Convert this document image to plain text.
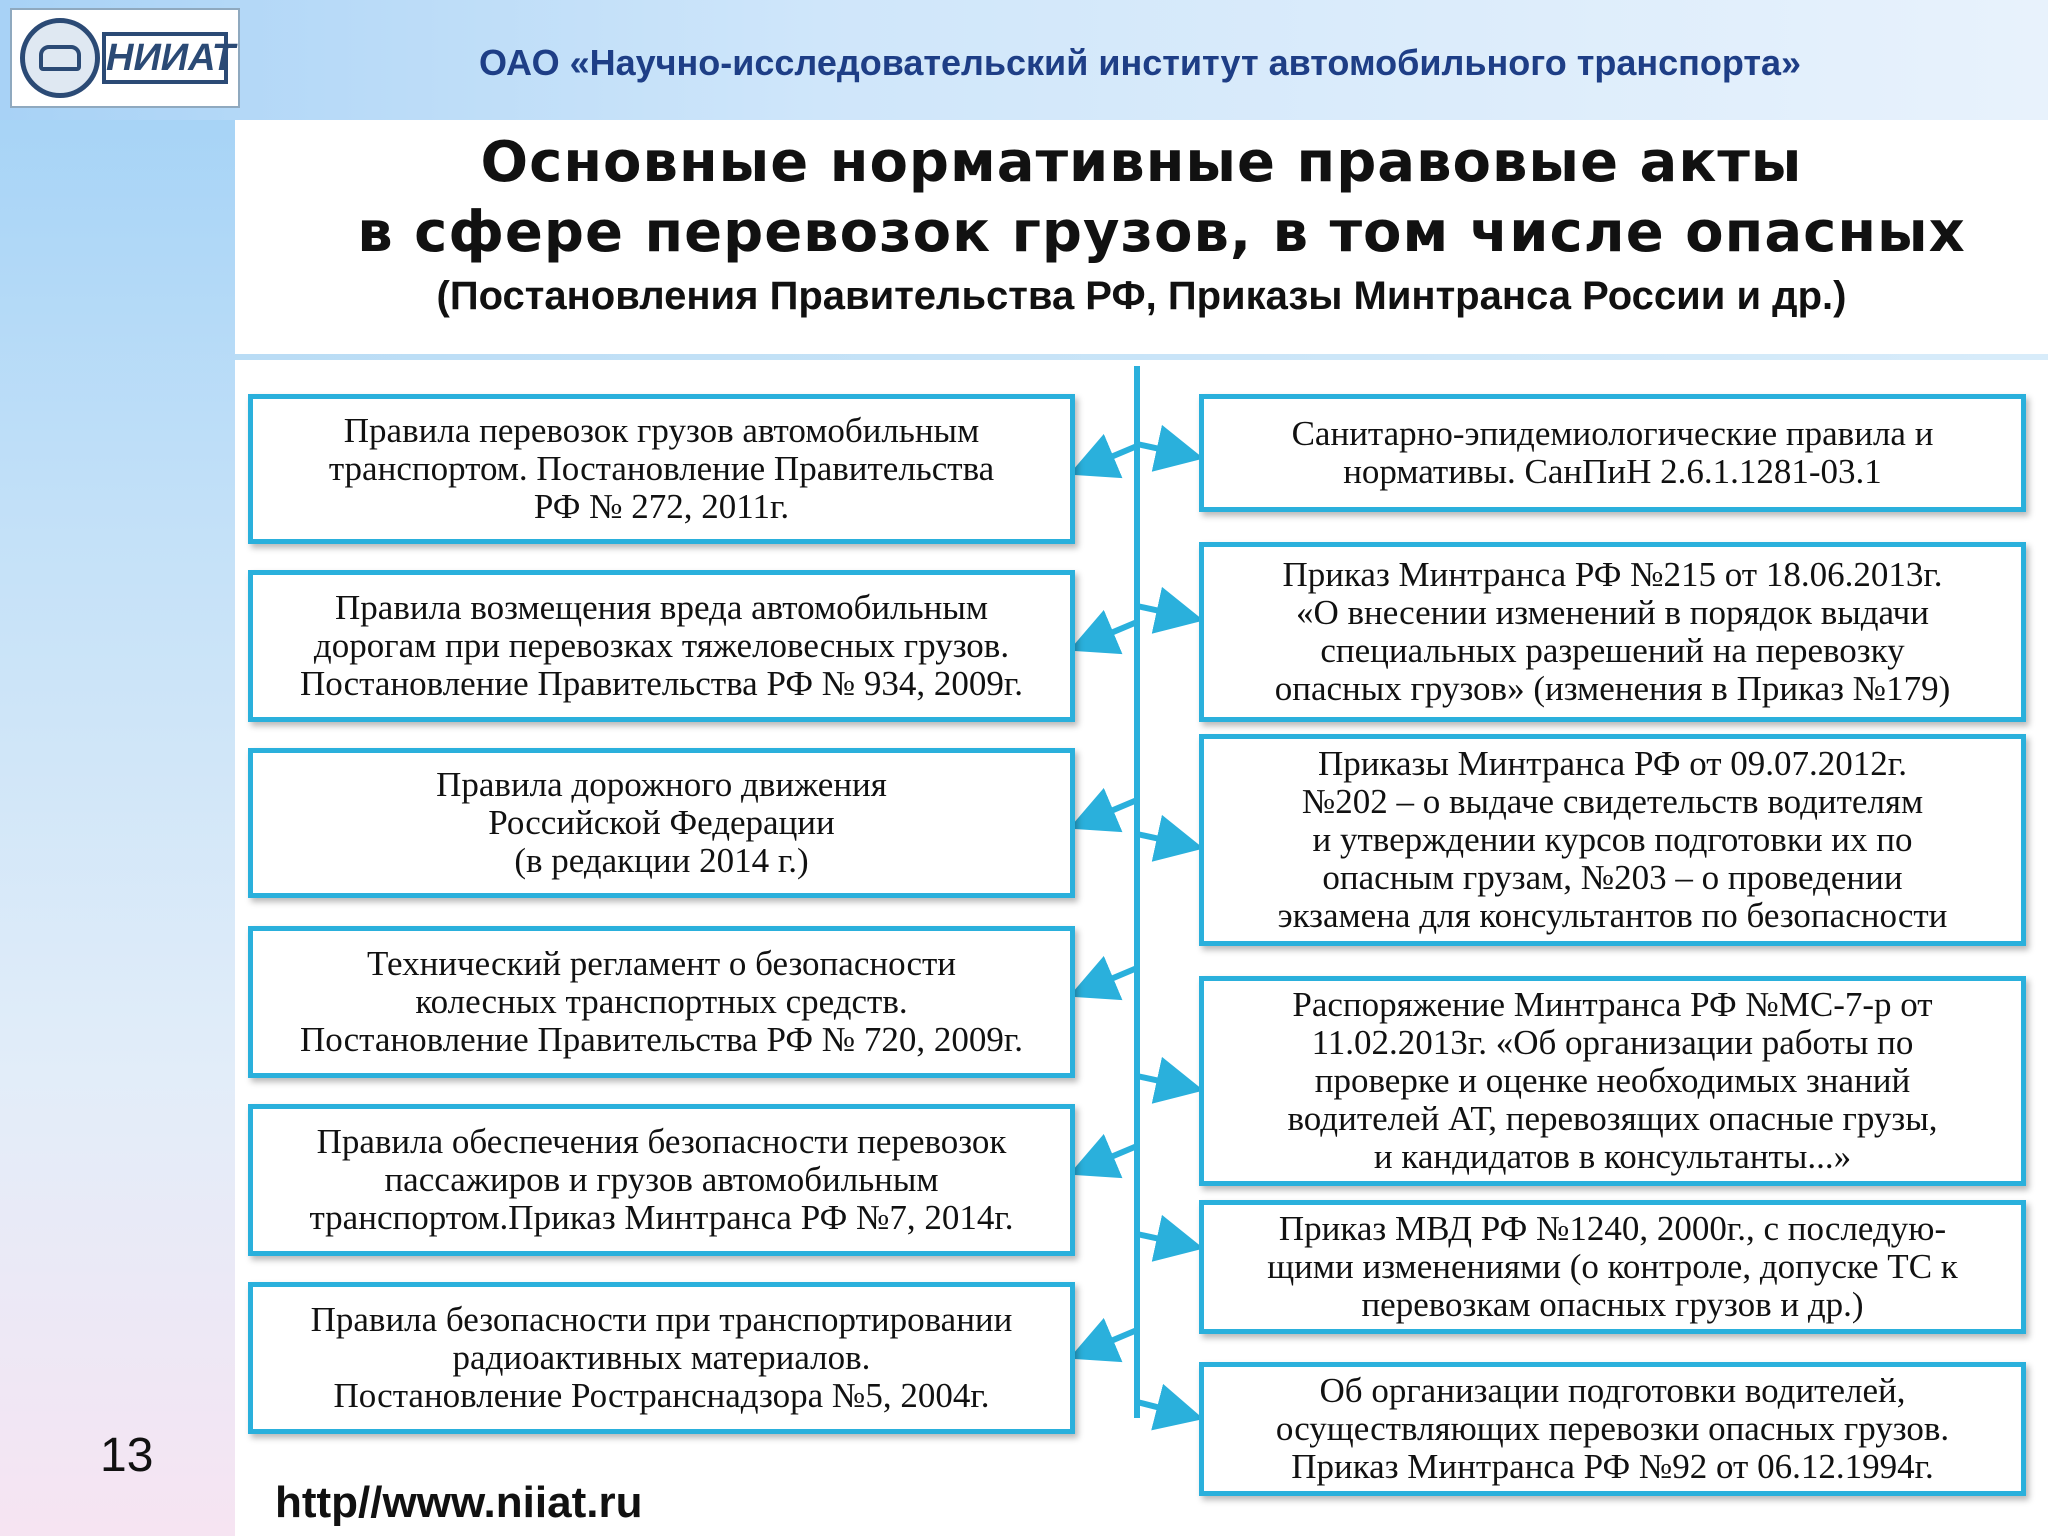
НИИАТ	ОАО «Научно-исследовательский институт автомобильного транспорта»
Основные нормативные правовые акты
в сфере перевозок грузов, в том числе опасных
(Постановления Правительства РФ, Приказы Минтранса России и др.)
Правила перевозок грузов автомобильным
транспортом. Постановление Правительства
РФ № 272, 2011г.
Правила возмещения вреда автомобильным
дорогам при перевозках тяжеловесных грузов.
Постановление Правительства РФ № 934, 2009г.
Правила дорожного движения
Российской Федерации
(в редакции 2014 г.)
Технический регламент о безопасности
колесных транспортных средств.
Постановление Правительства РФ № 720, 2009г.
Правила обеспечения безопасности перевозок
пассажиров и грузов автомобильным
транспортом.Приказ Минтранса РФ №7, 2014г.
Правила безопасности при транспортировании
радиоактивных материалов.
Постановление Ространснадзора №5, 2004г.
Санитарно-эпидемиологические правила и
нормативы. СанПиН 2.6.1.1281-03.1
Приказ Минтранса РФ №215 от 18.06.2013г.
«О внесении изменений в порядок выдачи
специальных разрешений на перевозку
опасных грузов» (изменения в Приказ №179)
Приказы Минтранса РФ от 09.07.2012г.
№202 – о выдаче свидетельств водителям
и утверждении курсов подготовки их по
опасным грузам, №203 – о проведении
экзамена для консультантов по безопасности
Распоряжение Минтранса РФ №МС-7-р от
11.02.2013г. «Об организации работы по
проверке и оценке необходимых знаний
водителей АТ, перевозящих опасные грузы,
и кандидатов в консультанты...»
Приказ МВД РФ №1240, 2000г., с последую-
щими изменениями (о контроле, допуске ТС к
перевозкам опасных грузов и др.)
Об организации подготовки водителей,
осуществляющих перевозки опасных грузов.
Приказ Минтранса РФ №92 от 06.12.1994г.
13
http//www.niiat.ru
